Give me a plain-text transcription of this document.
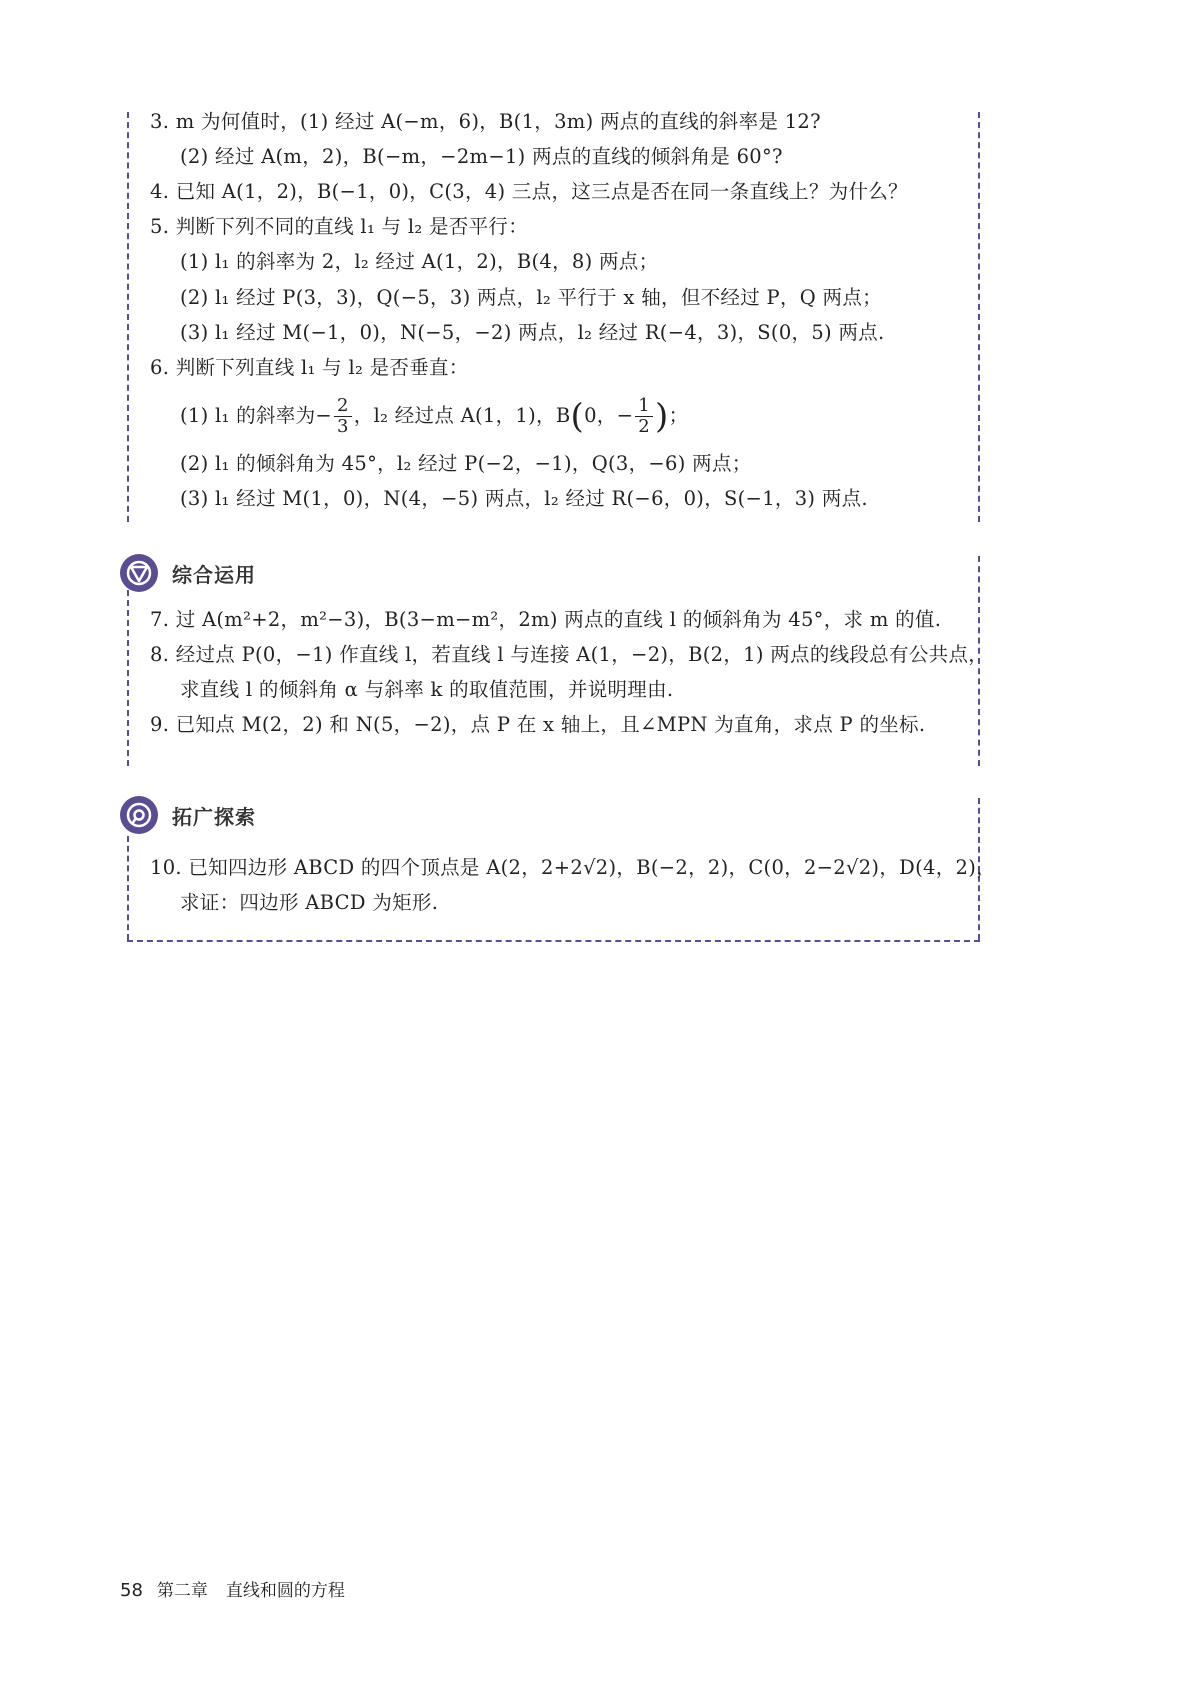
3. m 为何值时，(1) 经过 A(−m，6)，B(1，3m) 两点的直线的斜率是 12?
(2) 经过 A(m，2)，B(−m，−2m−1) 两点的直线的倾斜角是 60°?
4. 已知 A(1，2)，B(−1，0)，C(3，4) 三点，这三点是否在同一条直线上？为什么？
5. 判断下列不同的直线 l₁ 与 l₂ 是否平行：
(1) l₁ 的斜率为 2，l₂ 经过 A(1，2)，B(4，8) 两点；
(2) l₁ 经过 P(3，3)，Q(−5，3) 两点，l₂ 平行于 x 轴，但不经过 P，Q 两点；
(3) l₁ 经过 M(−1，0)，N(−5，−2) 两点，l₂ 经过 R(−4，3)，S(0，5) 两点.
6. 判断下列直线 l₁ 与 l₂ 是否垂直：
(1) l₁ 的斜率为− $\frac{2}{3}$ ，l₂ 经过点 A(1，1)，B(0，− $\frac{1}{2}$ )；
(2) l₁ 的倾斜角为 45°，l₂ 经过 P(−2，−1)，Q(3，−6) 两点；
(3) l₁ 经过 M(1，0)，N(4，−5) 两点，l₂ 经过 R(−6，0)，S(−1，3) 两点.
综合运用
7. 过 A(m²+2，m²−3)，B(3−m−m²，2m) 两点的直线 l 的倾斜角为 45°，求 m 的值.
8. 经过点 P(0，−1) 作直线 l，若直线 l 与连接 A(1，−2)，B(2，1) 两点的线段总有公共点，
求直线 l 的倾斜角 α 与斜率 k 的取值范围，并说明理由.
9. 已知点 M(2，2) 和 N(5，−2)，点 P 在 x 轴上，且∠MPN 为直角，求点 P 的坐标.
拓广探索
10. 已知四边形 ABCD 的四个顶点是 A(2，2+2√2)，B(−2，2)，C(0，2−2√2)，D(4，2)，
求证：四边形 ABCD 为矩形.
58 第二章 直线和圆的方程
